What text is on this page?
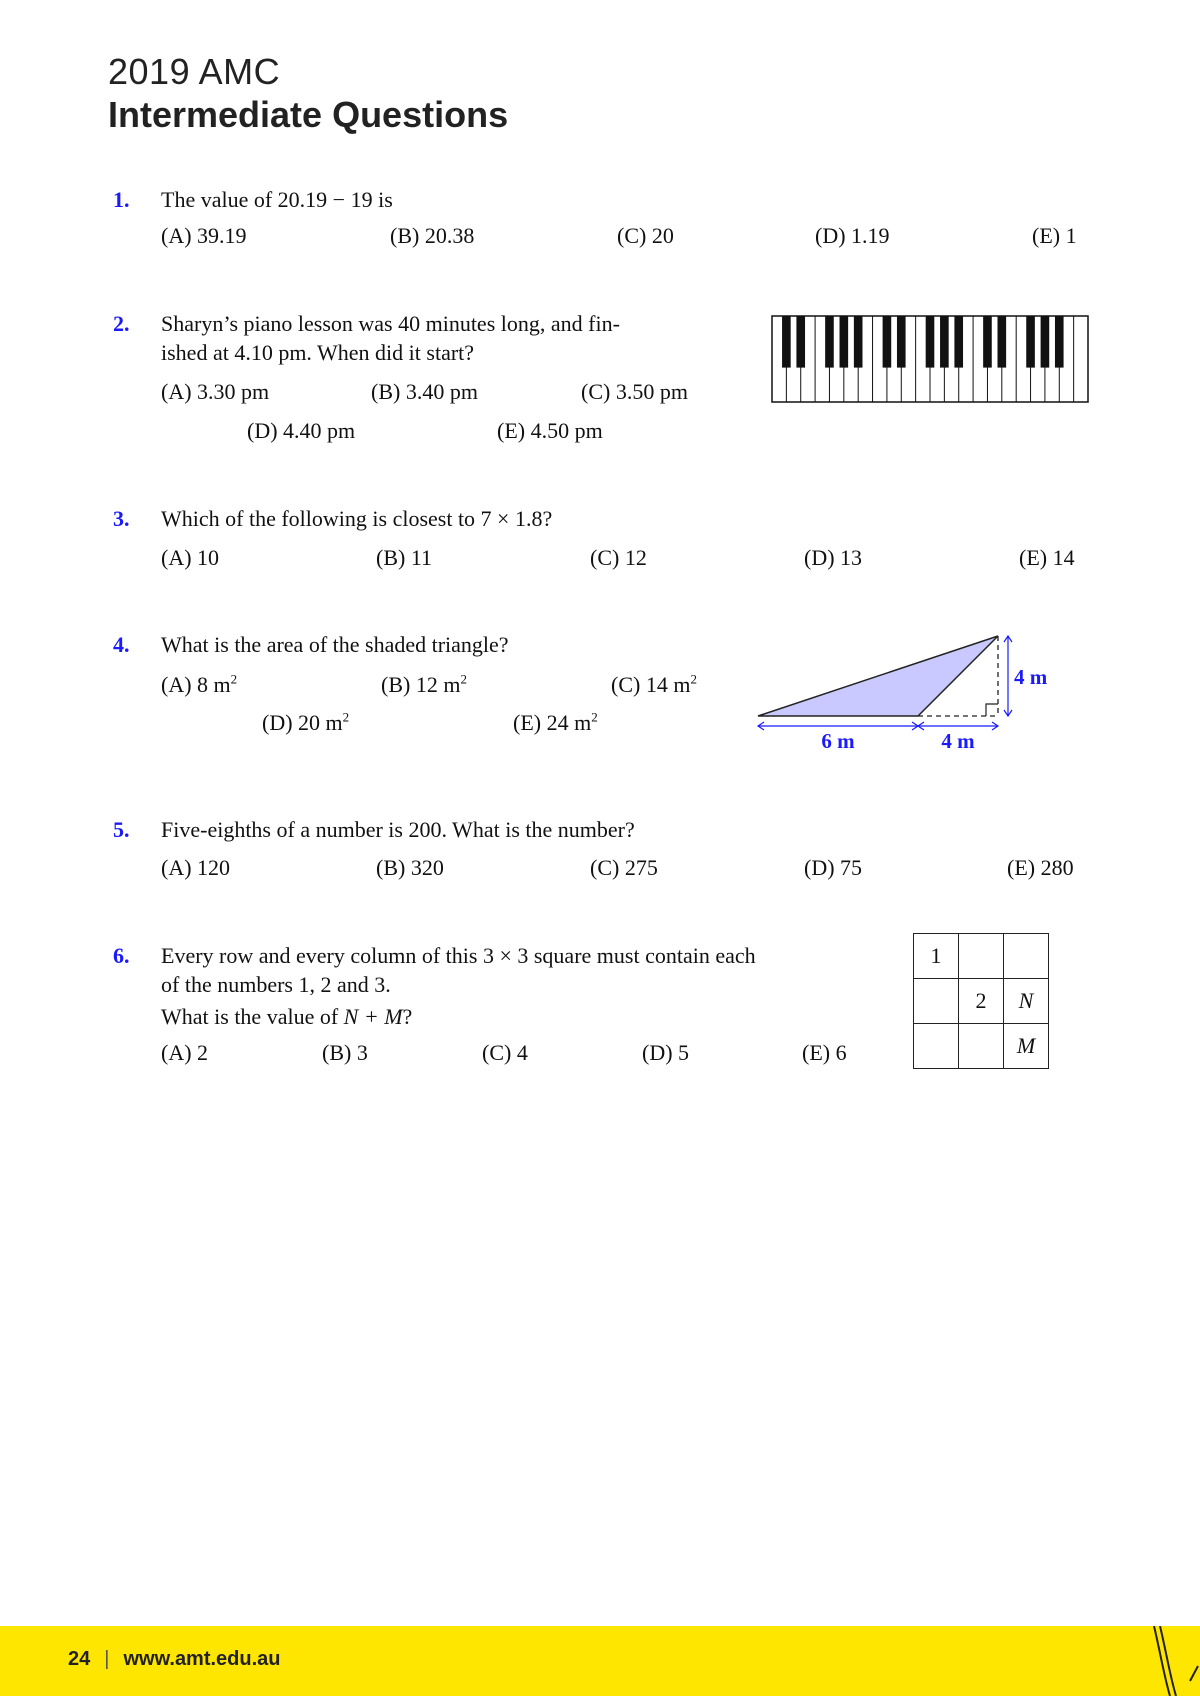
2019 AMC
Intermediate Questions
1. The value of 20.19 − 19 is
(A) 39.19	(B) 20.38	(C) 20	(D) 1.19	(E) 1
2. Sharyn’s piano lesson was 40 minutes long, and fin-
ished at 4.10 pm. When did it start?
(A) 3.30 pm	(B) 3.40 pm	(C) 3.50 pm
(D) 4.40 pm	(E) 4.50 pm
3. Which of the following is closest to 7 × 1.8?
(A) 10	(B) 11	(C) 12	(D) 13	(E) 14
4. What is the area of the shaded triangle?
(A) 8 $m^2$	(B) 12 $m^2$	(C) 14 $m^2$
(D) 20 $m^2$	(E) 24 $m^2$
6 m	4 m
4 m
5. Five-eighths of a number is 200. What is the number?
(A) 120	(B) 320	(C) 275	(D) 75	(E) 280
6. Every row and every column of this 3 × 3 square must contain each
of the numbers 1, 2 and 3.
What is the value of N + M?
(A) 2	(B) 3	(C) 4	(D) 5	(E) 6
1		
	2	N
		M
24 | www.amt.edu.au
